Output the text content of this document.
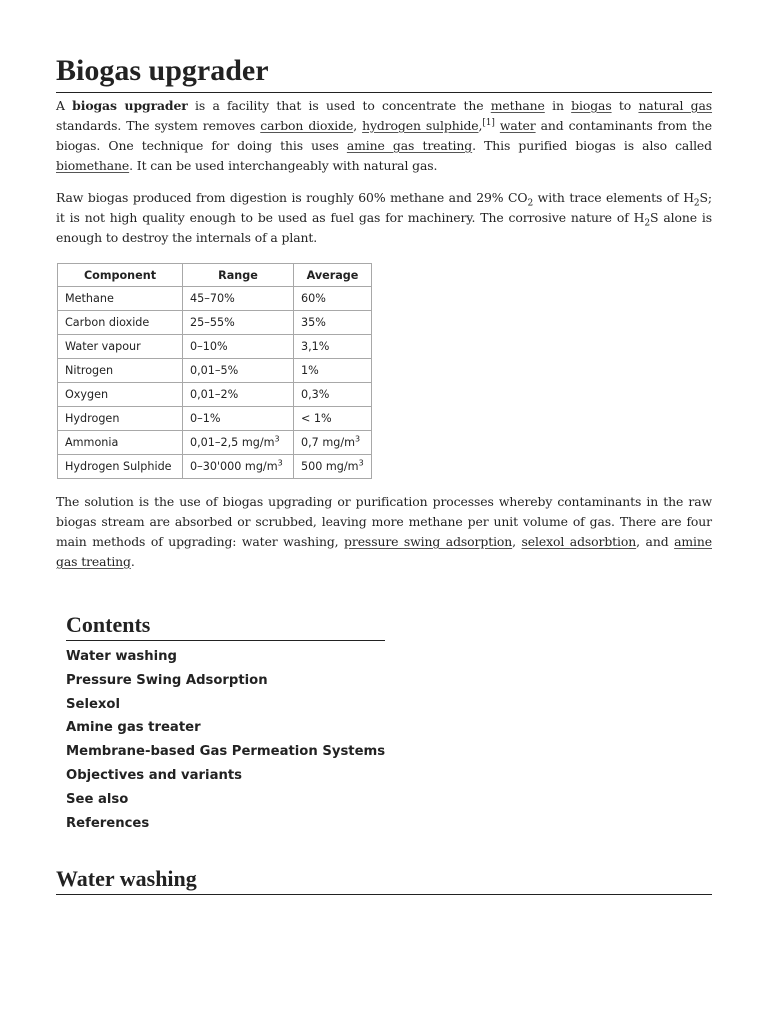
Biogas upgrader

A biogas upgrader is a facility that is used to concentrate the methane in biogas to natural gas standards. The system removes carbon dioxide, hydrogen sulphide,[1] water and contaminants from the biogas. One technique for doing this uses amine gas treating. This purified biogas is also called biomethane. It can be used interchangeably with natural gas.

Raw biogas produced from digestion is roughly 60% methane and 29% $CO_2$ with trace elements of $H_2S$; it is not high quality enough to be used as fuel gas for machinery. The corrosive nature of $H_2S$ alone is enough to destroy the internals of a plant.

Component	Range	Average
Methane	45–70%	60%
Carbon dioxide	25–55%	35%
Water vapour	0–10%	3,1%
Nitrogen	0,01–5%	1%
Oxygen	0,01–2%	0,3%
Hydrogen	0–1%	< 1%
Ammonia	0,01–2,5 $mg/m^3$	0,7 $mg/m^3$
Hydrogen Sulphide	0–30'000 $mg/m^3$	500 $mg/m^3$

The solution is the use of biogas upgrading or purification processes whereby contaminants in the raw biogas stream are absorbed or scrubbed, leaving more methane per unit volume of gas. There are four main methods of upgrading: water washing, pressure swing adsorption, selexol adsorbtion, and amine gas treating.

Contents
Water washing
Pressure Swing Adsorption
Selexol
Amine gas treater
Membrane-based Gas Permeation Systems
Objectives and variants
See also
References
Water washing
